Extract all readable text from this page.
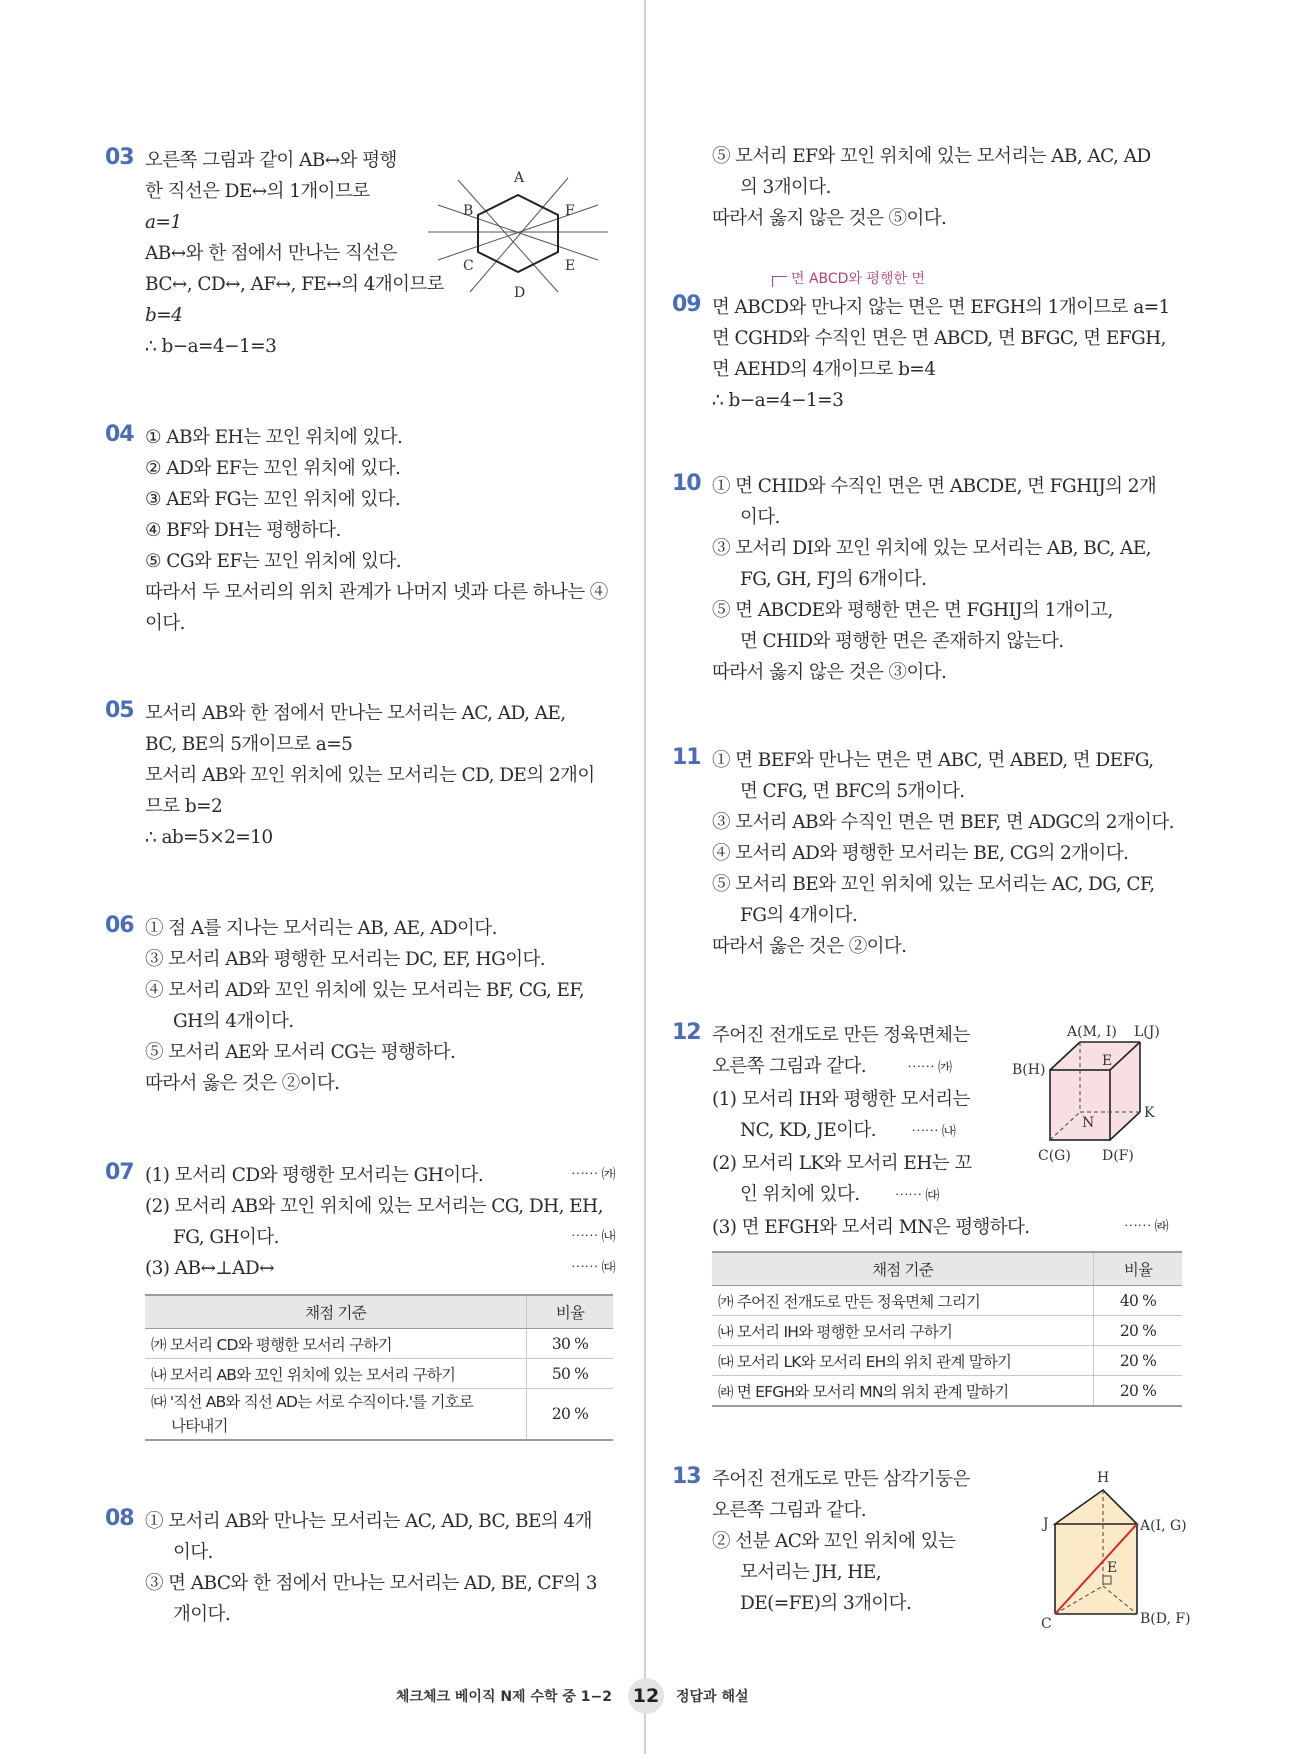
03 오른쪽 그림과 같이 AB↔와 평행
한 직선은 DE↔의 1개이므로
a=1
AB↔와 한 점에서 만나는 직선은
BC↔, CD↔, AF↔, FE↔의 4개이므로
b=4
∴ b−a=4−1=3
A
B	F
C	E
D
04 ① AB와 EH는 꼬인 위치에 있다.
② AD와 EF는 꼬인 위치에 있다.
③ AE와 FG는 꼬인 위치에 있다.
④ BF와 DH는 평행하다.
⑤ CG와 EF는 꼬인 위치에 있다.
따라서 두 모서리의 위치 관계가 나머지 넷과 다른 하나는 ④
이다.
05 모서리 AB와 한 점에서 만나는 모서리는 AC, AD, AE,
BC, BE의 5개이므로 a=5
모서리 AB와 꼬인 위치에 있는 모서리는 CD, DE의 2개이
므로 b=2
∴ ab=5×2=10
06 ① 점 A를 지나는 모서리는 AB, AE, AD이다.
③ 모서리 AB와 평행한 모서리는 DC, EF, HG이다.
④ 모서리 AD와 꼬인 위치에 있는 모서리는 BF, CG, EF,
GH의 4개이다.
⑤ 모서리 AE와 모서리 CG는 평행하다.
따라서 옳은 것은 ②이다.
07 (1) 모서리 CD와 평행한 모서리는 GH이다.	⋯⋯ ㈎
(2) 모서리 AB와 꼬인 위치에 있는 모서리는 CG, DH, EH,
FG, GH이다.	⋯⋯ ㈏
(3) AB↔⊥AD↔	⋯⋯ ㈐
채점 기준	비율
㈎ 모서리 CD와 평행한 모서리 구하기	30 %
㈏ 모서리 AB와 꼬인 위치에 있는 모서리 구하기	50 %

㈐ '직선 AB와 직선 AD는 서로 수직이다.'를 기호로
나타내기	20 %
08 ① 모서리 AB와 만나는 모서리는 AC, AD, BC, BE의 4개
이다.
③ 면 ABC와 한 점에서 만나는 모서리는 AD, BE, CF의 3
개이다.
⑤ 모서리 EF와 꼬인 위치에 있는 모서리는 AB, AC, AD
의 3개이다.
따라서 옳지 않은 것은 ⑤이다.
면 ABCD와 평행한 면
09 면 ABCD와 만나지 않는 면은 면 EFGH의 1개이므로 a=1
면 CGHD와 수직인 면은 면 ABCD, 면 BFGC, 면 EFGH,
면 AEHD의 4개이므로 b=4
∴ b−a=4−1=3
10 ① 면 CHID와 수직인 면은 면 ABCDE, 면 FGHIJ의 2개
이다.
③ 모서리 DI와 꼬인 위치에 있는 모서리는 AB, BC, AE,
FG, GH, FJ의 6개이다.
⑤ 면 ABCDE와 평행한 면은 면 FGHIJ의 1개이고,
면 CHID와 평행한 면은 존재하지 않는다.
따라서 옳지 않은 것은 ③이다.
11 ① 면 BEF와 만나는 면은 면 ABC, 면 ABED, 면 DEFG,
면 CFG, 면 BFC의 5개이다.
③ 모서리 AB와 수직인 면은 면 BEF, 면 ADGC의 2개이다.
④ 모서리 AD와 평행한 모서리는 BE, CG의 2개이다.
⑤ 모서리 BE와 꼬인 위치에 있는 모서리는 AC, DG, CF,
FG의 4개이다.
따라서 옳은 것은 ②이다.
12 주어진 전개도로 만든 정육면체는
오른쪽 그림과 같다.	⋯⋯ ㈎
(1) 모서리 IH와 평행한 모서리는
NC, KD, JE이다.	⋯⋯ ㈏
(2) 모서리 LK와 모서리 EH는 꼬
인 위치에 있다.	⋯⋯ ㈐
(3) 면 EFGH와 모서리 MN은 평행하다.	⋯⋯ ㈑
채점 기준	비율
㈎ 주어진 전개도로 만든 정육면체 그리기	40 %
㈏ 모서리 IH와 평행한 모서리 구하기	20 %
㈐ 모서리 LK와 모서리 EH의 위치 관계 말하기	20 %
㈑ 면 EFGH와 모서리 MN의 위치 관계 말하기	20 %
A(M, I) L(J)
B(H)
E
K
N
C(G) D(F)
13 주어진 전개도로 만든 삼각기둥은
오른쪽 그림과 같다.
② 선분 AC와 꼬인 위치에 있는
모서리는 JH, HE,
DE(=FE)의 3개이다.
H
J	A(I, G)
E
C	B(D, F)
체크체크 베이직 N제 수학 중 1−2 12	정답과 해설
